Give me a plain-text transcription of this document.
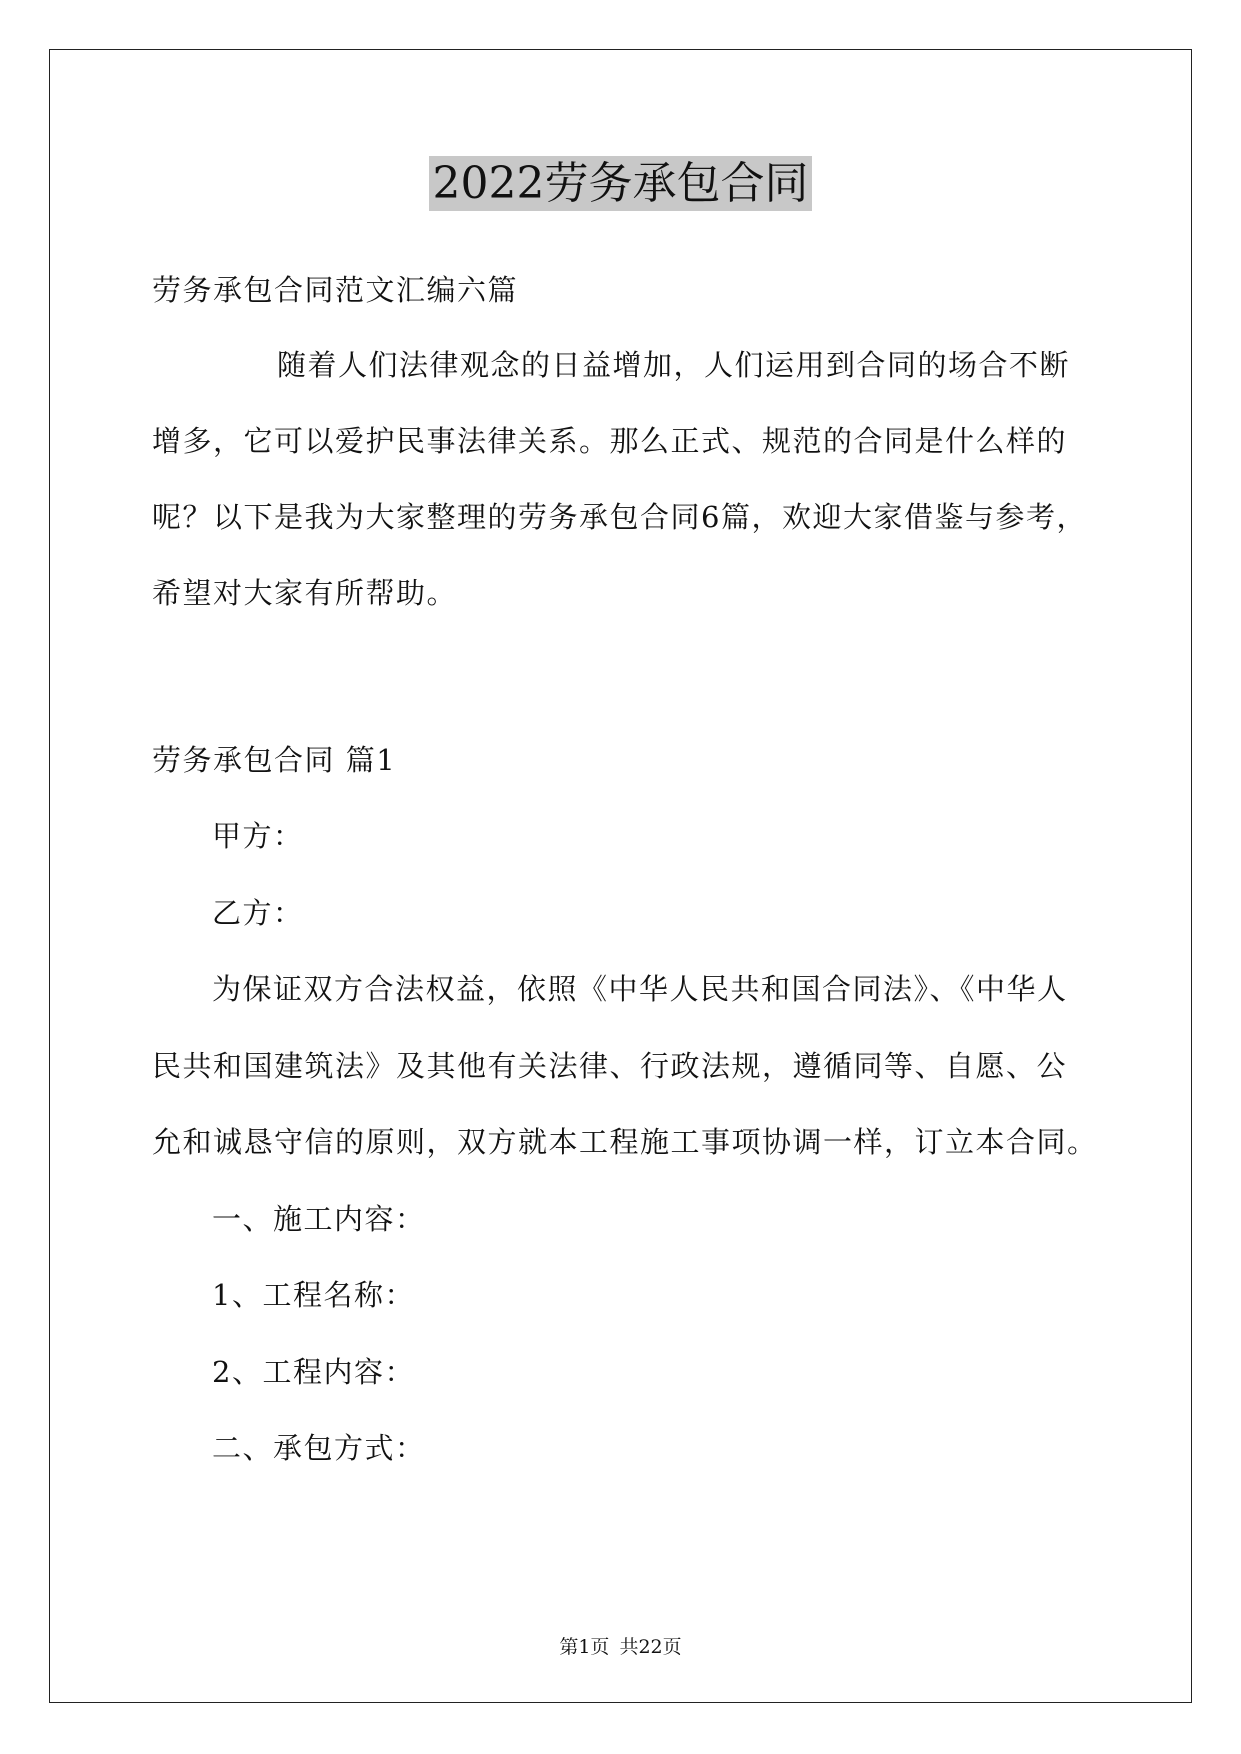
2022劳务承包合同
劳务承包合同范文汇编六篇
随着人们法律观念的日益增加，人们运用到合同的场合不断
增多，它可以爱护民事法律关系。那么正式、规范的合同是什么样的
呢？以下是我为大家整理的劳务承包合同6篇，欢迎大家借鉴与参考，
希望对大家有所帮助。
劳务承包合同 篇1
甲方：
乙方：
为保证双方合法权益，依照《中华人民共和国合同法》、《中华人
民共和国建筑法》及其他有关法律、行政法规，遵循同等、自愿、公
允和诚恳守信的原则，双方就本工程施工事项协调一样，订立本合同。
一、施工内容：
1、工程名称：
2、工程内容：
二、承包方式：
第1页 共22页
